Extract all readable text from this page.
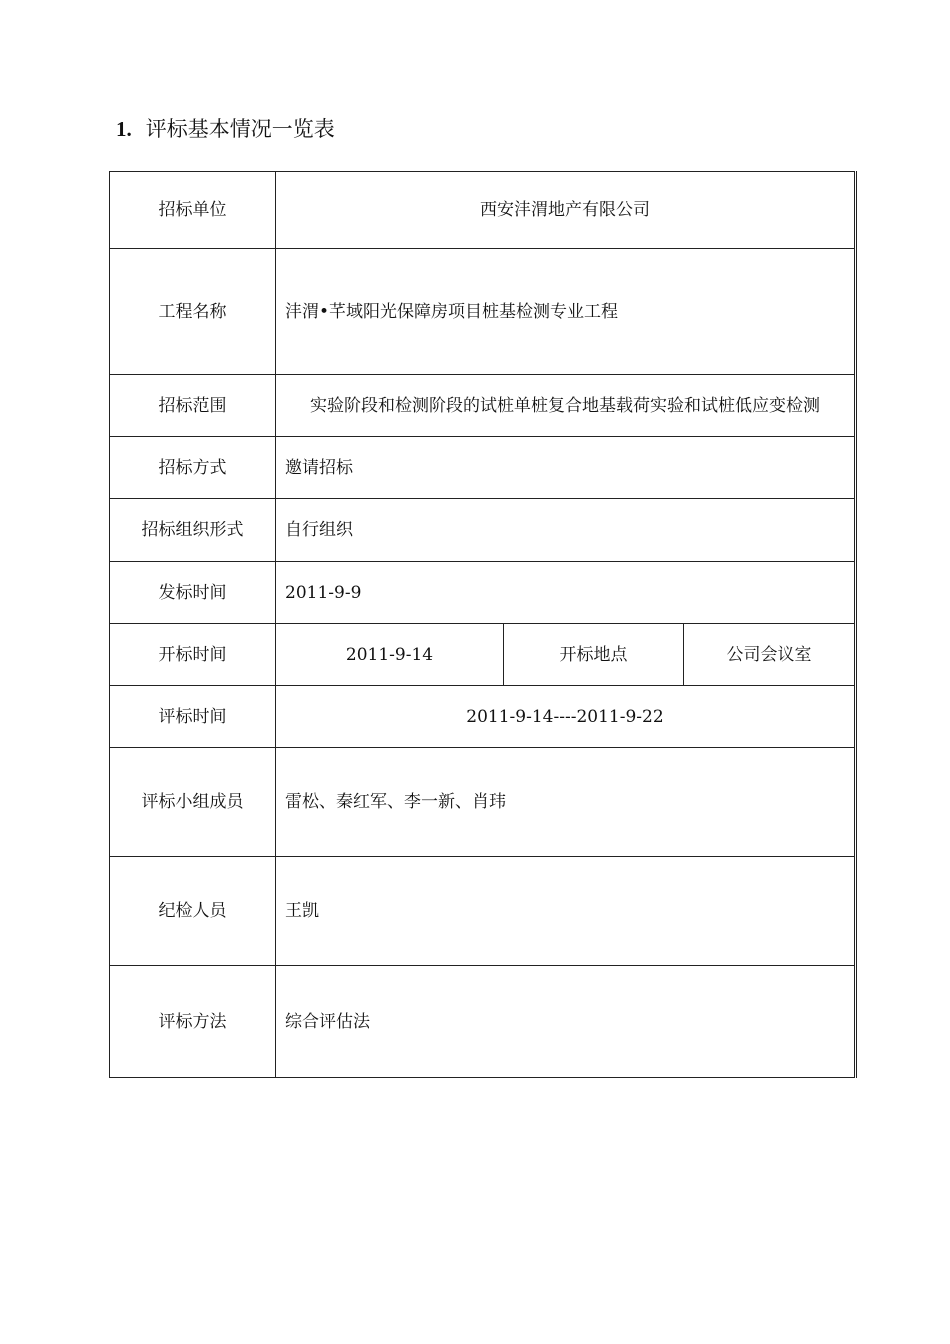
1. 评标基本情况一览表
招标单位	西安沣渭地产有限公司		
工程名称	沣渭•芊域阳光保障房项目桩基检测专业工程		
招标范围	实验阶段和检测阶段的试桩单桩复合地基载荷实验和试桩低应变检测		
招标方式	邀请招标		
招标组织形式	自行组织		
发标时间	2011-9-9		
开标时间	2011-9-14	开标地点	公司会议室
评标时间	2011-9-14----2011-9-22		
评标小组成员	雷松、秦红军、李一新、肖玮		
纪检人员	王凯		
评标方法	综合评估法		
